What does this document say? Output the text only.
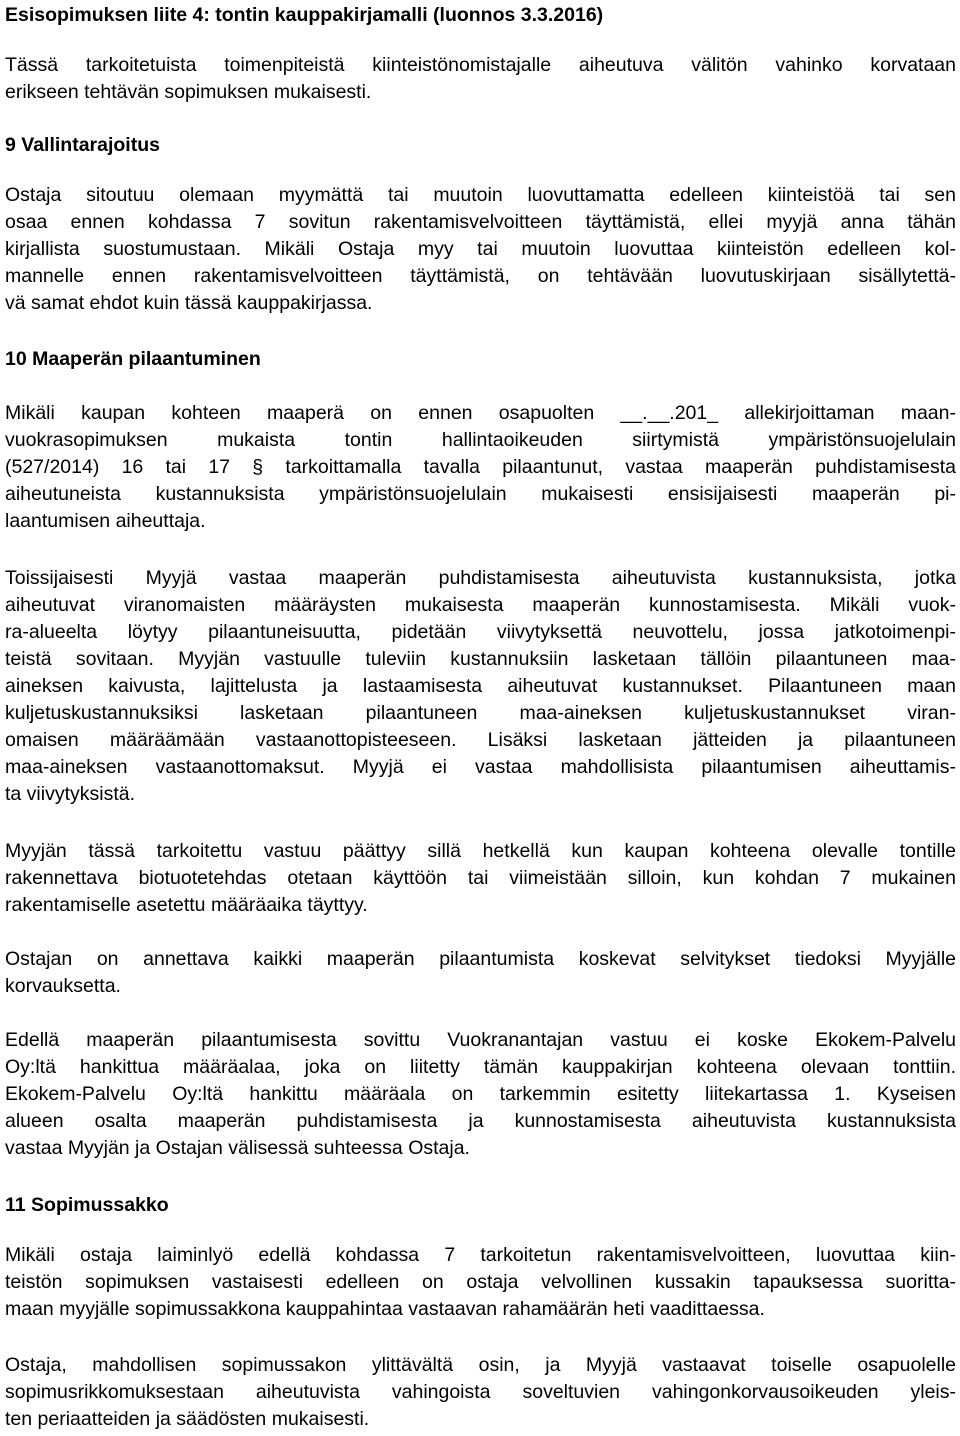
Esisopimuksen liite 4: tontin kauppakirjamalli (luonnos 3.3.2016)
Tässä tarkoitetuista toimenpiteistä kiinteistönomistajalle aiheutuva välitön vahinko korvataan
erikseen tehtävän sopimuksen mukaisesti.
9 Vallintarajoitus
Ostaja sitoutuu olemaan myymättä tai muutoin luovuttamatta edelleen kiinteistöä tai sen
osaa ennen kohdassa 7 sovitun rakentamisvelvoitteen täyttämistä, ellei myyjä anna tähän
kirjallista suostumustaan. Mikäli Ostaja myy tai muutoin luovuttaa kiinteistön edelleen kol-
mannelle ennen rakentamisvelvoitteen täyttämistä, on tehtävään luovutuskirjaan sisällytettä-
vä samat ehdot kuin tässä kauppakirjassa.
10 Maaperän pilaantuminen
Mikäli kaupan kohteen maaperä on ennen osapuolten __.__.201_ allekirjoittaman maan-
vuokrasopimuksen mukaista tontin hallintaoikeuden siirtymistä ympäristönsuojelulain
(527/2014) 16 tai 17 § tarkoittamalla tavalla pilaantunut, vastaa maaperän puhdistamisesta
aiheutuneista kustannuksista ympäristönsuojelulain mukaisesti ensisijaisesti maaperän pi-
laantumisen aiheuttaja.
Toissijaisesti Myyjä vastaa maaperän puhdistamisesta aiheutuvista kustannuksista, jotka
aiheutuvat viranomaisten määräysten mukaisesta maaperän kunnostamisesta. Mikäli vuok-
ra-alueelta löytyy pilaantuneisuutta, pidetään viivytyksettä neuvottelu, jossa jatkotoimenpi-
teistä sovitaan. Myyjän vastuulle tuleviin kustannuksiin lasketaan tällöin pilaantuneen maa-
aineksen kaivusta, lajittelusta ja lastaamisesta aiheutuvat kustannukset. Pilaantuneen maan
kuljetuskustannuksiksi lasketaan pilaantuneen maa-aineksen kuljetuskustannukset viran-
omaisen määräämään vastaanottopisteeseen. Lisäksi lasketaan jätteiden ja pilaantuneen
maa-aineksen vastaanottomaksut. Myyjä ei vastaa mahdollisista pilaantumisen aiheuttamis-
ta viivytyksistä.
Myyjän tässä tarkoitettu vastuu päättyy sillä hetkellä kun kaupan kohteena olevalle tontille
rakennettava biotuotetehdas otetaan käyttöön tai viimeistään silloin, kun kohdan 7 mukainen
rakentamiselle asetettu määräaika täyttyy.
Ostajan on annettava kaikki maaperän pilaantumista koskevat selvitykset tiedoksi Myyjälle
korvauksetta.
Edellä maaperän pilaantumisesta sovittu Vuokranantajan vastuu ei koske Ekokem-Palvelu
Oy:ltä hankittua määräalaa, joka on liitetty tämän kauppakirjan kohteena olevaan tonttiin.
Ekokem-Palvelu Oy:ltä hankittu määräala on tarkemmin esitetty liitekartassa 1. Kyseisen
alueen osalta maaperän puhdistamisesta ja kunnostamisesta aiheutuvista kustannuksista
vastaa Myyjän ja Ostajan välisessä suhteessa Ostaja.
11 Sopimussakko
Mikäli ostaja laiminlyö edellä kohdassa 7 tarkoitetun rakentamisvelvoitteen, luovuttaa kiin-
teistön sopimuksen vastaisesti edelleen on ostaja velvollinen kussakin tapauksessa suoritta-
maan myyjälle sopimussakkona kauppahintaa vastaavan rahamäärän heti vaadittaessa.
Ostaja, mahdollisen sopimussakon ylittävältä osin, ja Myyjä vastaavat toiselle osapuolelle
sopimusrikkomuksestaan aiheutuvista vahingoista soveltuvien vahingonkorvausoikeuden yleis-
ten periaatteiden ja säädösten mukaisesti.
